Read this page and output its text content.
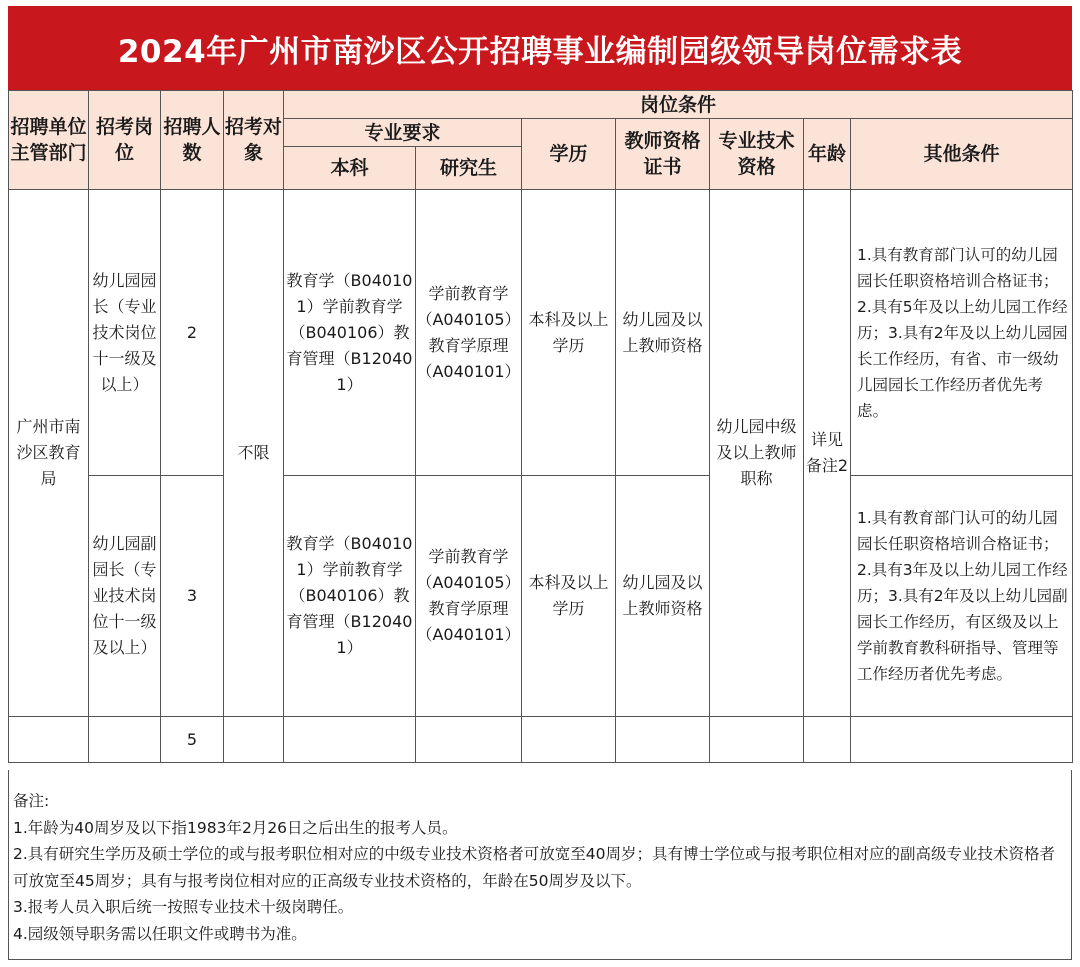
2024年广州市南沙区公开招聘事业编制园级领导岗位需求表
招聘单位主管部门	招考岗位	招聘人数	招考对象	岗位条件						
				专业要求		学历	教师资格证书	专业技术资格	年龄	其他条件
				本科	研究生					
广州市南沙区教育局	幼儿园园长（专业技术岗位十一级及以上）	2	不限	教育学（B040101）学前教育学（B040106）教育管理（B120401）	学前教育学（A040105）教育学原理（A040101）	本科及以上学历	幼儿园及以上教师资格	幼儿园中级及以上教师职称	详见备注2	1.具有教育部门认可的幼儿园园长任职资格培训合格证书；2.具有5年及以上幼儿园工作经历；3.具有2年及以上幼儿园园长工作经历，有省、市一级幼儿园园长工作经历者优先考虑。
	幼儿园副园长（专业技术岗位十一级及以上）	3		教育学（B040101）学前教育学（B040106）教育管理（B120401）	学前教育学（A040105）教育学原理（A040101）	本科及以上学历	幼儿园及以上教师资格			1.具有教育部门认可的幼儿园园长任职资格培训合格证书；2.具有3年及以上幼儿园工作经历；3.具有2年及以上幼儿园副园长工作经历，有区级及以上学前教育教科研指导、管理等工作经历者优先考虑。
		5								
备注:
1.年龄为40周岁及以下指1983年2月26日之后出生的报考人员。
2.具有研究生学历及硕士学位的或与报考职位相对应的中级专业技术资格者可放宽至40周岁；具有博士学位或与报考职位相对应的副高级专业技术资格者可放宽至45周岁；具有与报考岗位相对应的正高级专业技术资格的，年龄在50周岁及以下。
3.报考人员入职后统一按照专业技术十级岗聘任。
4.园级领导职务需以任职文件或聘书为准。
